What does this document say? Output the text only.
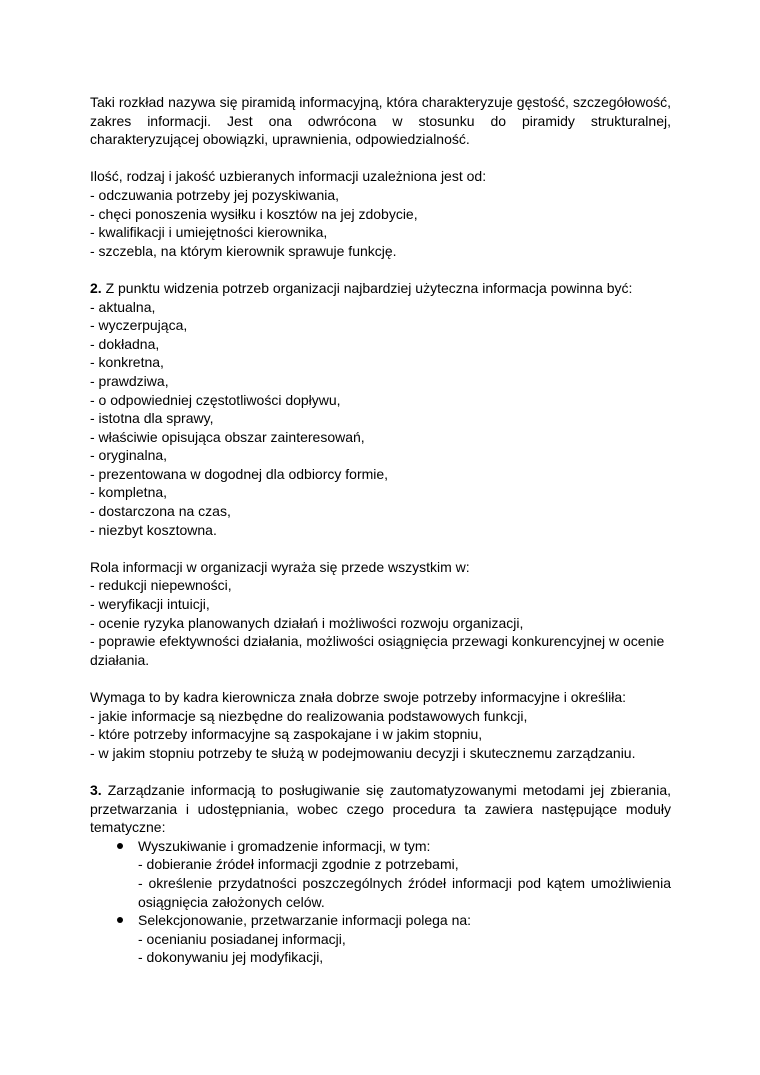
Taki rozkład nazywa się piramidą informacyjną, która charakteryzuje gęstość, szczegółowość, zakres informacji. Jest ona odwrócona w stosunku do piramidy strukturalnej, charakteryzującej obowiązki, uprawnienia, odpowiedzialność.

Ilość, rodzaj i jakość uzbieranych informacji uzależniona jest od:

- odczuwania potrzeby jej pozyskiwania,
- chęci ponoszenia wysiłku i kosztów na jej zdobycie,
- kwalifikacji i umiejętności kierownika,
- szczebla, na którym kierownik sprawuje funkcję.

2. Z punktu widzenia potrzeb organizacji najbardziej użyteczna informacja powinna być:

- aktualna,
- wyczerpująca,
- dokładna,
- konkretna,
- prawdziwa,
- o odpowiedniej częstotliwości dopływu,
- istotna dla sprawy,
- właściwie opisująca obszar zainteresowań,
- oryginalna,
- prezentowana w dogodnej dla odbiorcy formie,
- kompletna,
- dostarczona na czas,
- niezbyt kosztowna.

Rola informacji w organizacji wyraża się przede wszystkim w:

- redukcji niepewności,
- weryfikacji intuicji,
- ocenie ryzyka planowanych działań i możliwości rozwoju organizacji,

- poprawie efektywności działania, możliwości osiągnięcia przewagi konkurencyjnej w ocenie działania.

Wymaga to by kadra kierownicza znała dobrze swoje potrzeby informacyjne i określiła:

- jakie informacje są niezbędne do realizowania podstawowych funkcji,
- które potrzeby informacyjne są zaspokajane i w jakim stopniu,
- w jakim stopniu potrzeby te służą w podejmowaniu decyzji i skutecznemu zarządzaniu.

3. Zarządzanie informacją to posługiwanie się zautomatyzowanymi metodami jej zbierania, przetwarzania i udostępniania, wobec czego procedura ta zawiera następujące moduły tematyczne:

Wyszukiwanie i gromadzenie informacji, w tym:
- dobieranie źródeł informacji zgodnie z potrzebami,
- określenie przydatności poszczególnych źródeł informacji pod kątem umożliwienia osiągnięcia założonych celów.
Selekcjonowanie, przetwarzanie informacji polega na:
- ocenianiu posiadanej informacji,
- dokonywaniu jej modyfikacji,
